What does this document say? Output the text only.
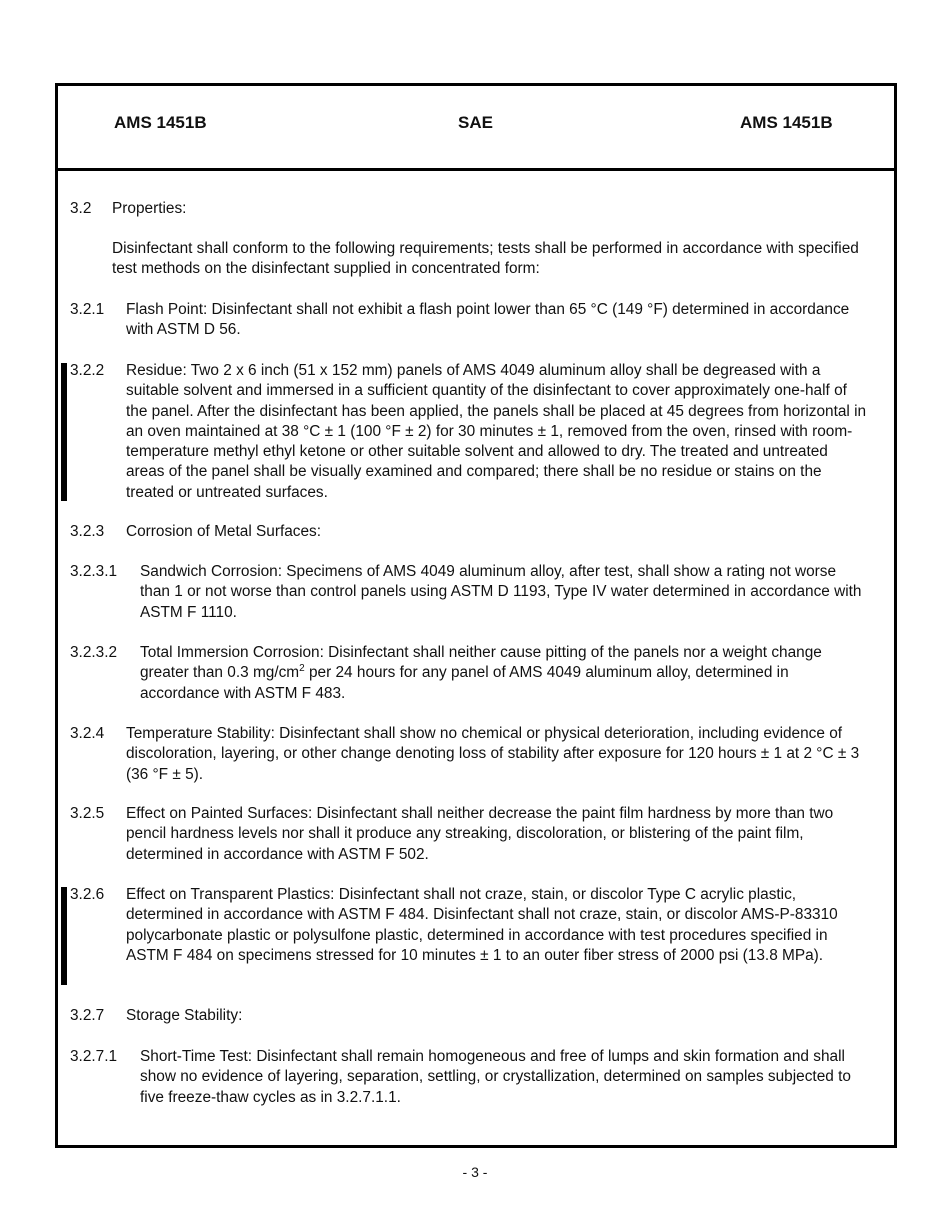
AMS 1451B	SAE	AMS 1451B
3.2 Properties:
Disinfectant shall conform to the following requirements; tests shall be performed in accordance with specified test methods on the disinfectant supplied in concentrated form:
3.2.1 Flash Point: Disinfectant shall not exhibit a flash point lower than 65 °C (149 °F) determined in accordance with ASTM D 56.
3.2.2 Residue: Two 2 x 6 inch (51 x 152 mm) panels of AMS 4049 aluminum alloy shall be degreased with a suitable solvent and immersed in a sufficient quantity of the disinfectant to cover approximately one-half of the panel. After the disinfectant has been applied, the panels shall be placed at 45 degrees from horizontal in an oven maintained at 38 °C ± 1 (100 °F ± 2) for 30 minutes ± 1, removed from the oven, rinsed with room-temperature methyl ethyl ketone or other suitable solvent and allowed to dry. The treated and untreated areas of the panel shall be visually examined and compared; there shall be no residue or stains on the treated or untreated surfaces.
3.2.3 Corrosion of Metal Surfaces:
3.2.3.1 Sandwich Corrosion: Specimens of AMS 4049 aluminum alloy, after test, shall show a rating not worse than 1 or not worse than control panels using ASTM D 1193, Type IV water determined in accordance with ASTM F 1110.
3.2.3.2 Total Immersion Corrosion: Disinfectant shall neither cause pitting of the panels nor a weight change greater than 0.3 $mg/cm^2$ per 24 hours for any panel of AMS 4049 aluminum alloy, determined in accordance with ASTM F 483.
3.2.4 Temperature Stability: Disinfectant shall show no chemical or physical deterioration, including evidence of discoloration, layering, or other change denoting loss of stability after exposure for 120 hours ± 1 at 2 °C ± 3 (36 °F ± 5).
3.2.5 Effect on Painted Surfaces: Disinfectant shall neither decrease the paint film hardness by more than two pencil hardness levels nor shall it produce any streaking, discoloration, or blistering of the paint film, determined in accordance with ASTM F 502.
3.2.6 Effect on Transparent Plastics: Disinfectant shall not craze, stain, or discolor Type C acrylic plastic, determined in accordance with ASTM F 484. Disinfectant shall not craze, stain, or discolor AMS-P-83310 polycarbonate plastic or polysulfone plastic, determined in accordance with test procedures specified in ASTM F 484 on specimens stressed for 10 minutes ± 1 to an outer fiber stress of 2000 psi (13.8 MPa).
3.2.7 Storage Stability:
3.2.7.1 Short-Time Test: Disinfectant shall remain homogeneous and free of lumps and skin formation and shall show no evidence of layering, separation, settling, or crystallization, determined on samples subjected to five freeze-thaw cycles as in 3.2.7.1.1.
- 3 -
